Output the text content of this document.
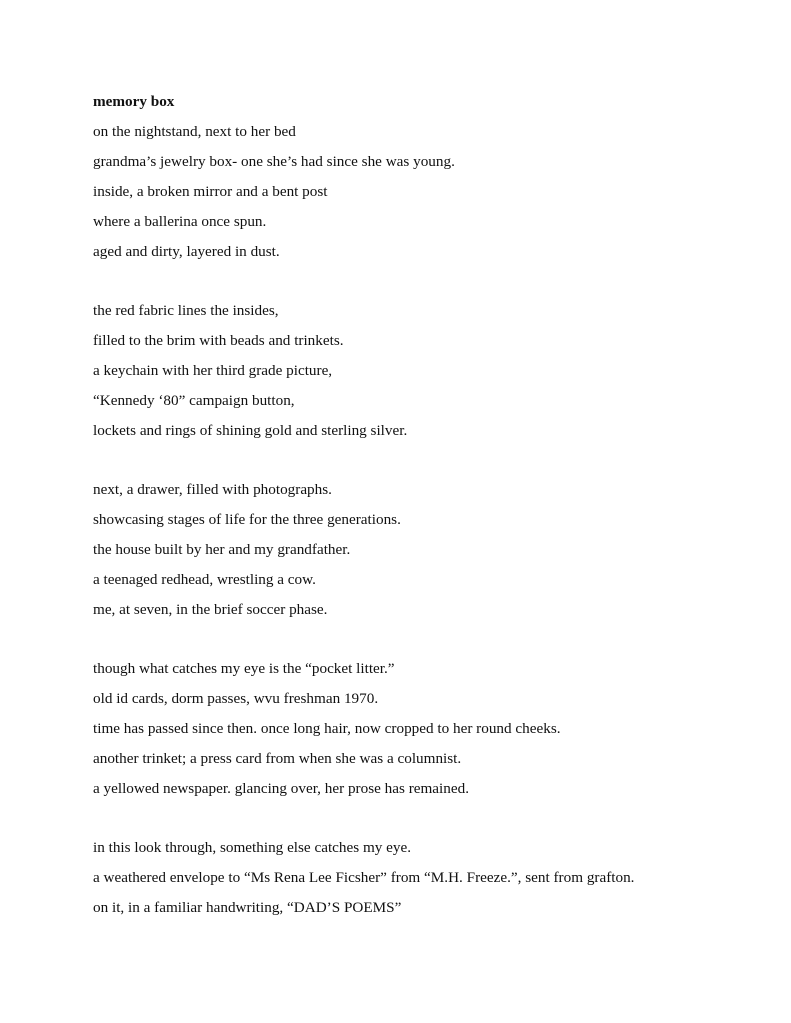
memory box
on the nightstand, next to her bed
grandma’s jewelry box- one she’s had since she was young.
inside, a broken mirror and a bent post
where a ballerina once spun.
aged and dirty, layered in dust.
the red fabric lines the insides,
filled to the brim with beads and trinkets.
a keychain with her third grade picture,
“Kennedy ‘80” campaign button,
lockets and rings of shining gold and sterling silver.
next, a drawer, filled with photographs.
showcasing stages of life for the three generations.
the house built by her and my grandfather.
a teenaged redhead, wrestling a cow.
me, at seven, in the brief soccer phase.
though what catches my eye is the “pocket litter.”
old id cards, dorm passes, wvu freshman 1970.
time has passed since then. once long hair, now cropped to her round cheeks.
another trinket; a press card from when she was a columnist.
a yellowed newspaper. glancing over, her prose has remained.
in this look through, something else catches my eye.
a weathered envelope to “Ms Rena Lee Ficsher” from “M.H. Freeze.”, sent from grafton.
on it, in a familiar handwriting, “DAD’S POEMS”
